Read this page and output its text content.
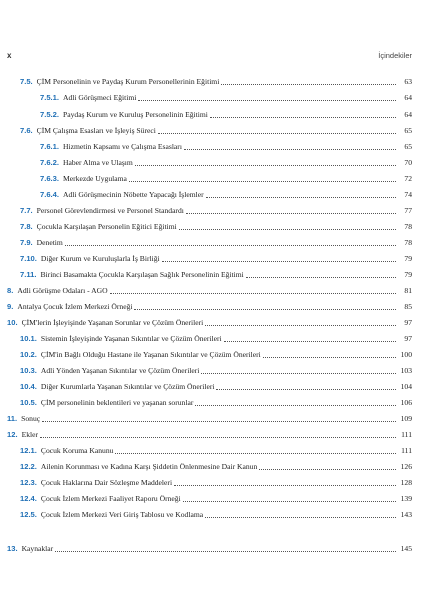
x	İçindekiler
7.5. ÇİM Personelinin ve Paydaş Kurum Personellerinin Eğitimi	63
7.5.1. Adli Görüşmeci Eğitimi	64
7.5.2. Paydaş Kurum ve Kuruluş Personelinin Eğitimi	64
7.6. ÇİM Çalışma Esasları ve İşleyiş Süreci	65
7.6.1. Hizmetin Kapsamı ve Çalışma Esasları	65
7.6.2. Haber Alma ve Ulaşım	70
7.6.3. Merkezde Uygulama	72
7.6.4. Adli Görüşmecinin Nöbette Yapacağı İşlemler	74
7.7. Personel Görevlendirmesi ve Personel Standardı	77
7.8. Çocukla Karşılaşan Personelin Eğitici Eğitimi	78
7.9. Denetim	78
7.10. Diğer Kurum ve Kuruluşlarla İş Birliği	79
7.11. Birinci Basamakta Çocukla Karşılaşan Sağlık Personelinin Eğitimi	79
8. Adli Görüşme Odaları - AGO	81
9. Antalya Çocuk İzlem Merkezi Örneği	85
10. ÇİM'lerin İşleyişinde Yaşanan Sorunlar ve Çözüm Önerileri	97
10.1. Sistemin İşleyişinde Yaşanan Sıkıntılar ve Çözüm Önerileri	97
10.2. ÇİM'in Bağlı Olduğu Hastane ile Yaşanan Sıkıntılar ve Çözüm Önerileri	100
10.3. Adli Yönden Yaşanan Sıkıntılar ve Çözüm Önerileri	103
10.4. Diğer Kurumlarla Yaşanan Sıkıntılar ve Çözüm Önerileri	104
10.5. ÇİM personelinin beklentileri ve yaşanan sorunlar	106
11. Sonuç	109
12. Ekler	111
12.1. Çocuk Koruma Kanunu	111
12.2. Ailenin Korunması ve Kadına Karşı Şiddetin Önlenmesine Dair Kanun	126
12.3. Çocuk Haklarına Dair Sözleşme Maddeleri	128
12.4. Çocuk İzlem Merkezi Faaliyet Raporu Örneği	139
12.5. Çocuk İzlem Merkezi Veri Giriş Tablosu ve Kodlama	143
13. Kaynaklar	145
